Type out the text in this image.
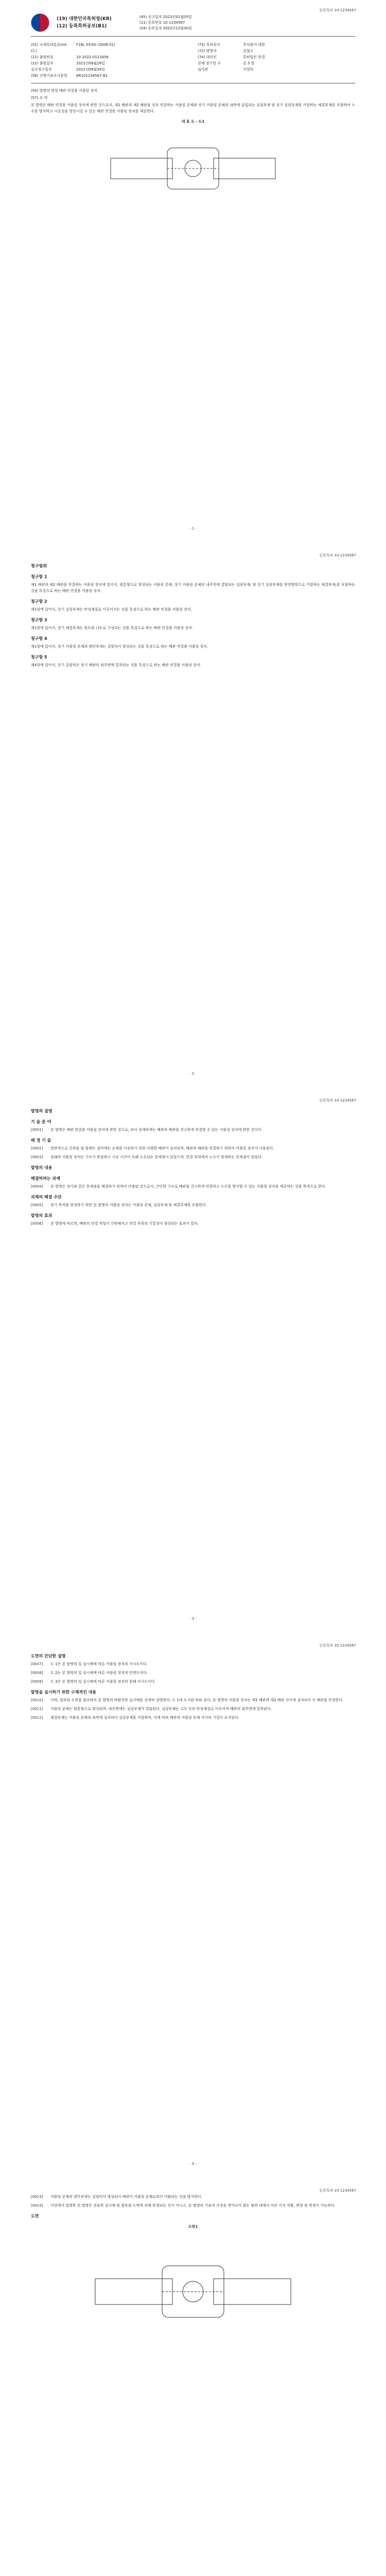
등록특허 10-1234567
(19) 대한민국특허청(KR)
(12) 등록특허공보(B1)
(45) 공고일자 2023년01월05일
(11) 등록번호 10-1234567
(24) 등록일자 2022년12월30일
(51) 국제특허분류(Int. Cl.)
F16L 55/00 (2006.01)
(21) 출원번호	10-2022-0123456
(22) 출원일자	2022년09월28일
심사청구일자	2022년09월28일
(56) 선행기술조사문헌	KR101234567 B1
(73) 특허권자	주식회사 대한
(72) 발명자	김철수
(74) 대리인	특허법인 한결
전체 청구항 수	총 5 항
심사관	이영희
(54) 발명의 명칭 배관 연결용 커플링 장치
(57) 요 약
본 발명은 배관 연결용 커플링 장치에 관한 것으로서, 제1 배관과 제2 배관을 상호 연결하는 커플링 본체와 상기 커플링 본체의 내측에 삽입되는 실링부재 및 상기 실링부재를 가압하는 체결부재를 포함하여 누수를 방지하고 시공성을 향상시킬 수 있는 배관 연결용 커플링 장치를 제공한다.
대 표 도 - 도1
- 1 -
등록특허 10-1234567
청구범위
청구항 1
제1 배관과 제2 배관을 연결하는 커플링 장치에 있어서, 원통형으로 형성되는 커플링 본체; 상기 커플링 본체의 내주면에 결합되는 실링부재; 및 상기 실링부재를 반경방향으로 가압하는 체결부재;를 포함하는 것을 특징으로 하는 배관 연결용 커플링 장치.
청구항 2
제1항에 있어서, 상기 실링부재는 탄성재질로 이루어지는 것을 특징으로 하는 배관 연결용 커플링 장치.
청구항 3
제1항에 있어서, 상기 체결부재는 볼트와 너트로 구성되는 것을 특징으로 하는 배관 연결용 커플링 장치.
청구항 4
제1항에 있어서, 상기 커플링 본체의 양단부에는 걸림턱이 형성되는 것을 특징으로 하는 배관 연결용 커플링 장치.
청구항 5
제4항에 있어서, 상기 걸림턱은 상기 배관의 외주면에 밀착되는 것을 특징으로 하는 배관 연결용 커플링 장치.
- 2 -
등록특허 10-1234567
발명의 설명
기 술 분 야
[0001]	본 발명은 배관 연결용 커플링 장치에 관한 것으로, 보다 상세하게는 배관과 배관을 견고하게 연결할 수 있는 커플링 장치에 관한 것이다.
배 경 기 술
[0002]	일반적으로 건축물 및 플랜트 설비에는 유체를 이송하기 위한 다양한 배관이 설치되며, 배관과 배관을 연결하기 위하여 커플링 장치가 사용된다.
[0003]	종래의 커플링 장치는 구조가 복잡하고 시공 시간이 오래 소요되는 문제점이 있었으며, 연결 부위에서 누수가 발생하는 문제점이 있었다.
발명의 내용
해결하려는 과제
[0004]	본 발명은 상기와 같은 문제점을 해결하기 위하여 안출된 것으로서, 간단한 구조로 배관을 견고하게 연결하고 누수를 방지할 수 있는 커플링 장치를 제공하는 것을 목적으로 한다.
과제의 해결 수단
[0005]	상기 목적을 달성하기 위한 본 발명의 커플링 장치는 커플링 본체, 실링부재 및 체결부재를 포함한다.
발명의 효과
[0006]	본 발명에 따르면, 배관의 연결 작업이 간편해지고 연결 부위의 기밀성이 향상되는 효과가 있다.
- 3 -
등록특허 10-1234567
도면의 간단한 설명
[0007]	도 1은 본 발명의 일 실시예에 따른 커플링 장치의 사시도이다.
[0008]	도 2는 본 발명의 일 실시예에 따른 커플링 장치의 단면도이다.
[0009]	도 3은 본 발명의 일 실시예에 따른 커플링 장치의 분해 사시도이다.
발명을 실시하기 위한 구체적인 내용
[0010]	이하, 첨부된 도면을 참조하여 본 발명의 바람직한 실시예를 상세히 설명한다. 도 1에 도시된 바와 같이, 본 발명의 커플링 장치는 제1 배관과 제2 배관 사이에 설치되어 두 배관을 연결한다.
[0011]	커플링 본체는 원통형으로 형성되며, 내주면에는 실링부재가 결합된다. 실링부재는 고무 등의 탄성재질로 이루어져 배관의 외주면에 밀착된다.
[0012]	체결부재는 커플링 본체의 외측에 설치되어 실링부재를 가압하며, 이에 따라 배관과 커플링 본체 사이의 기밀이 유지된다.
- 4 -
등록특허 10-1234567
[0013]	커플링 본체의 양단부에는 걸림턱이 형성되어 배관이 커플링 본체로부터 이탈되는 것을 방지한다.
[0014]	이상에서 설명한 본 발명은 전술한 실시예 및 첨부된 도면에 의해 한정되는 것이 아니고, 본 발명의 기술적 사상을 벗어나지 않는 범위 내에서 여러 가지 치환, 변형 및 변경이 가능하다.
도면
도면1
